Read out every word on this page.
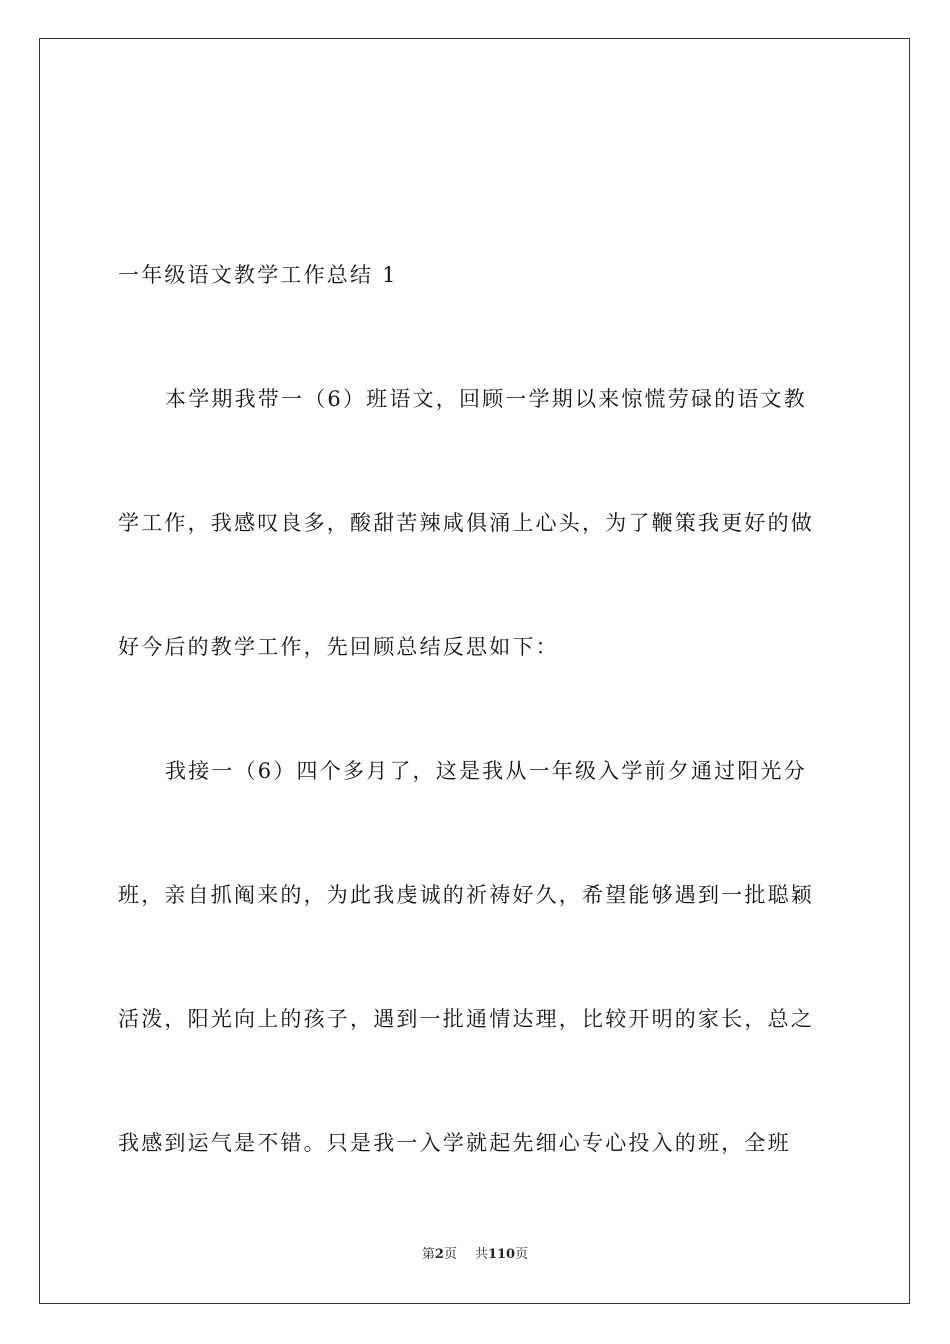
一年级语文教学工作总结 1
本学期我带一（6）班语文，回顾一学期以来惊慌劳碌的语文教
学工作，我感叹良多，酸甜苦辣咸俱涌上心头，为了鞭策我更好的做
好今后的教学工作，先回顾总结反思如下：
我接一（6）四个多月了，这是我从一年级入学前夕通过阳光分
班，亲自抓阄来的，为此我虔诚的祈祷好久，希望能够遇到一批聪颖
活泼，阳光向上的孩子，遇到一批通情达理，比较开明的家长，总之
我感到运气是不错。只是我一入学就起先细心专心投入的班，全班
第2页 共110页
